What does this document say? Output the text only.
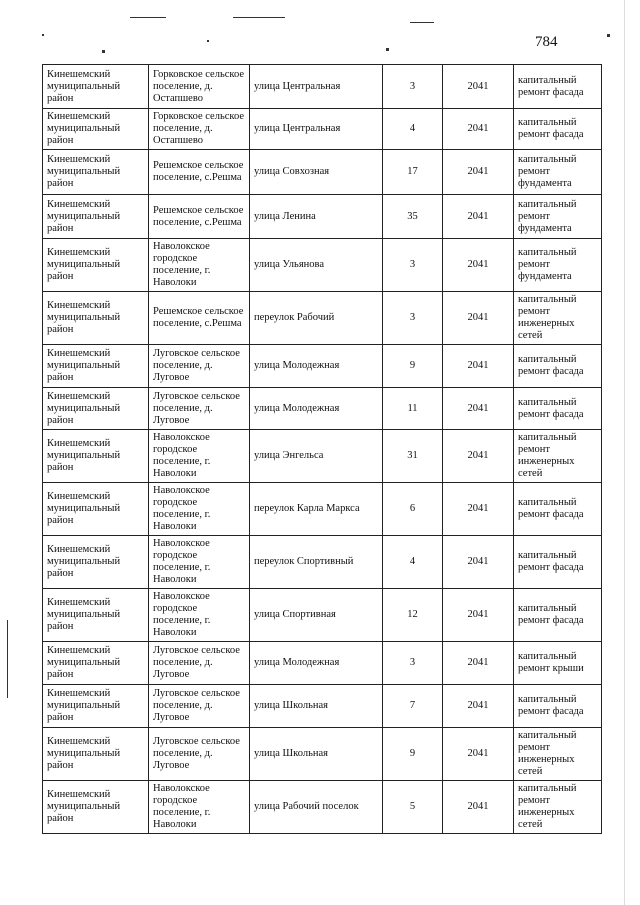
784
Кинешемский муниципальный район	Горковское сельское поселение, д. Остапшево	улица Центральная	3	2041	капитальный ремонт фасада
Кинешемский муниципальный район	Горковское сельское поселение, д. Остапшево	улица Центральная	4	2041	капитальный ремонт фасада
Кинешемский муниципальный район	Решемское сельское поселение, с.Решма	улица Совхозная	17	2041	капитальный ремонт фундамента
Кинешемский муниципальный район	Решемское сельское поселение, с.Решма	улица Ленина	35	2041	капитальный ремонт фундамента
Кинешемский муниципальный район	Наволокское городское поселение, г. Наволоки	улица Ульянова	3	2041	капитальный ремонт фундамента
Кинешемский муниципальный район	Решемское сельское поселение, с.Решма	переулок Рабочий	3	2041	капитальный ремонт инженерных сетей
Кинешемский муниципальный район	Луговское сельское поселение, д. Луговое	улица Молодежная	9	2041	капитальный ремонт фасада
Кинешемский муниципальный район	Луговское сельское поселение, д. Луговое	улица Молодежная	11	2041	капитальный ремонт фасада
Кинешемский муниципальный район	Наволокское городское поселение, г. Наволоки	улица Энгельса	31	2041	капитальный ремонт инженерных сетей
Кинешемский муниципальный район	Наволокское городское поселение, г. Наволоки	переулок Карла Маркса	6	2041	капитальный ремонт фасада
Кинешемский муниципальный район	Наволокское городское поселение, г. Наволоки	переулок Спортивный	4	2041	капитальный ремонт фасада
Кинешемский муниципальный район	Наволокское городское поселение, г. Наволоки	улица Спортивная	12	2041	капитальный ремонт фасада
Кинешемский муниципальный район	Луговское сельское поселение, д. Луговое	улица Молодежная	3	2041	капитальный ремонт крыши
Кинешемский муниципальный район	Луговское сельское поселение, д. Луговое	улица Школьная	7	2041	капитальный ремонт фасада
Кинешемский муниципальный район	Луговское сельское поселение, д. Луговое	улица Школьная	9	2041	капитальный ремонт инженерных сетей
Кинешемский муниципальный район	Наволокское городское поселение, г. Наволоки	улица Рабочий поселок	5	2041	капитальный ремонт инженерных сетей
